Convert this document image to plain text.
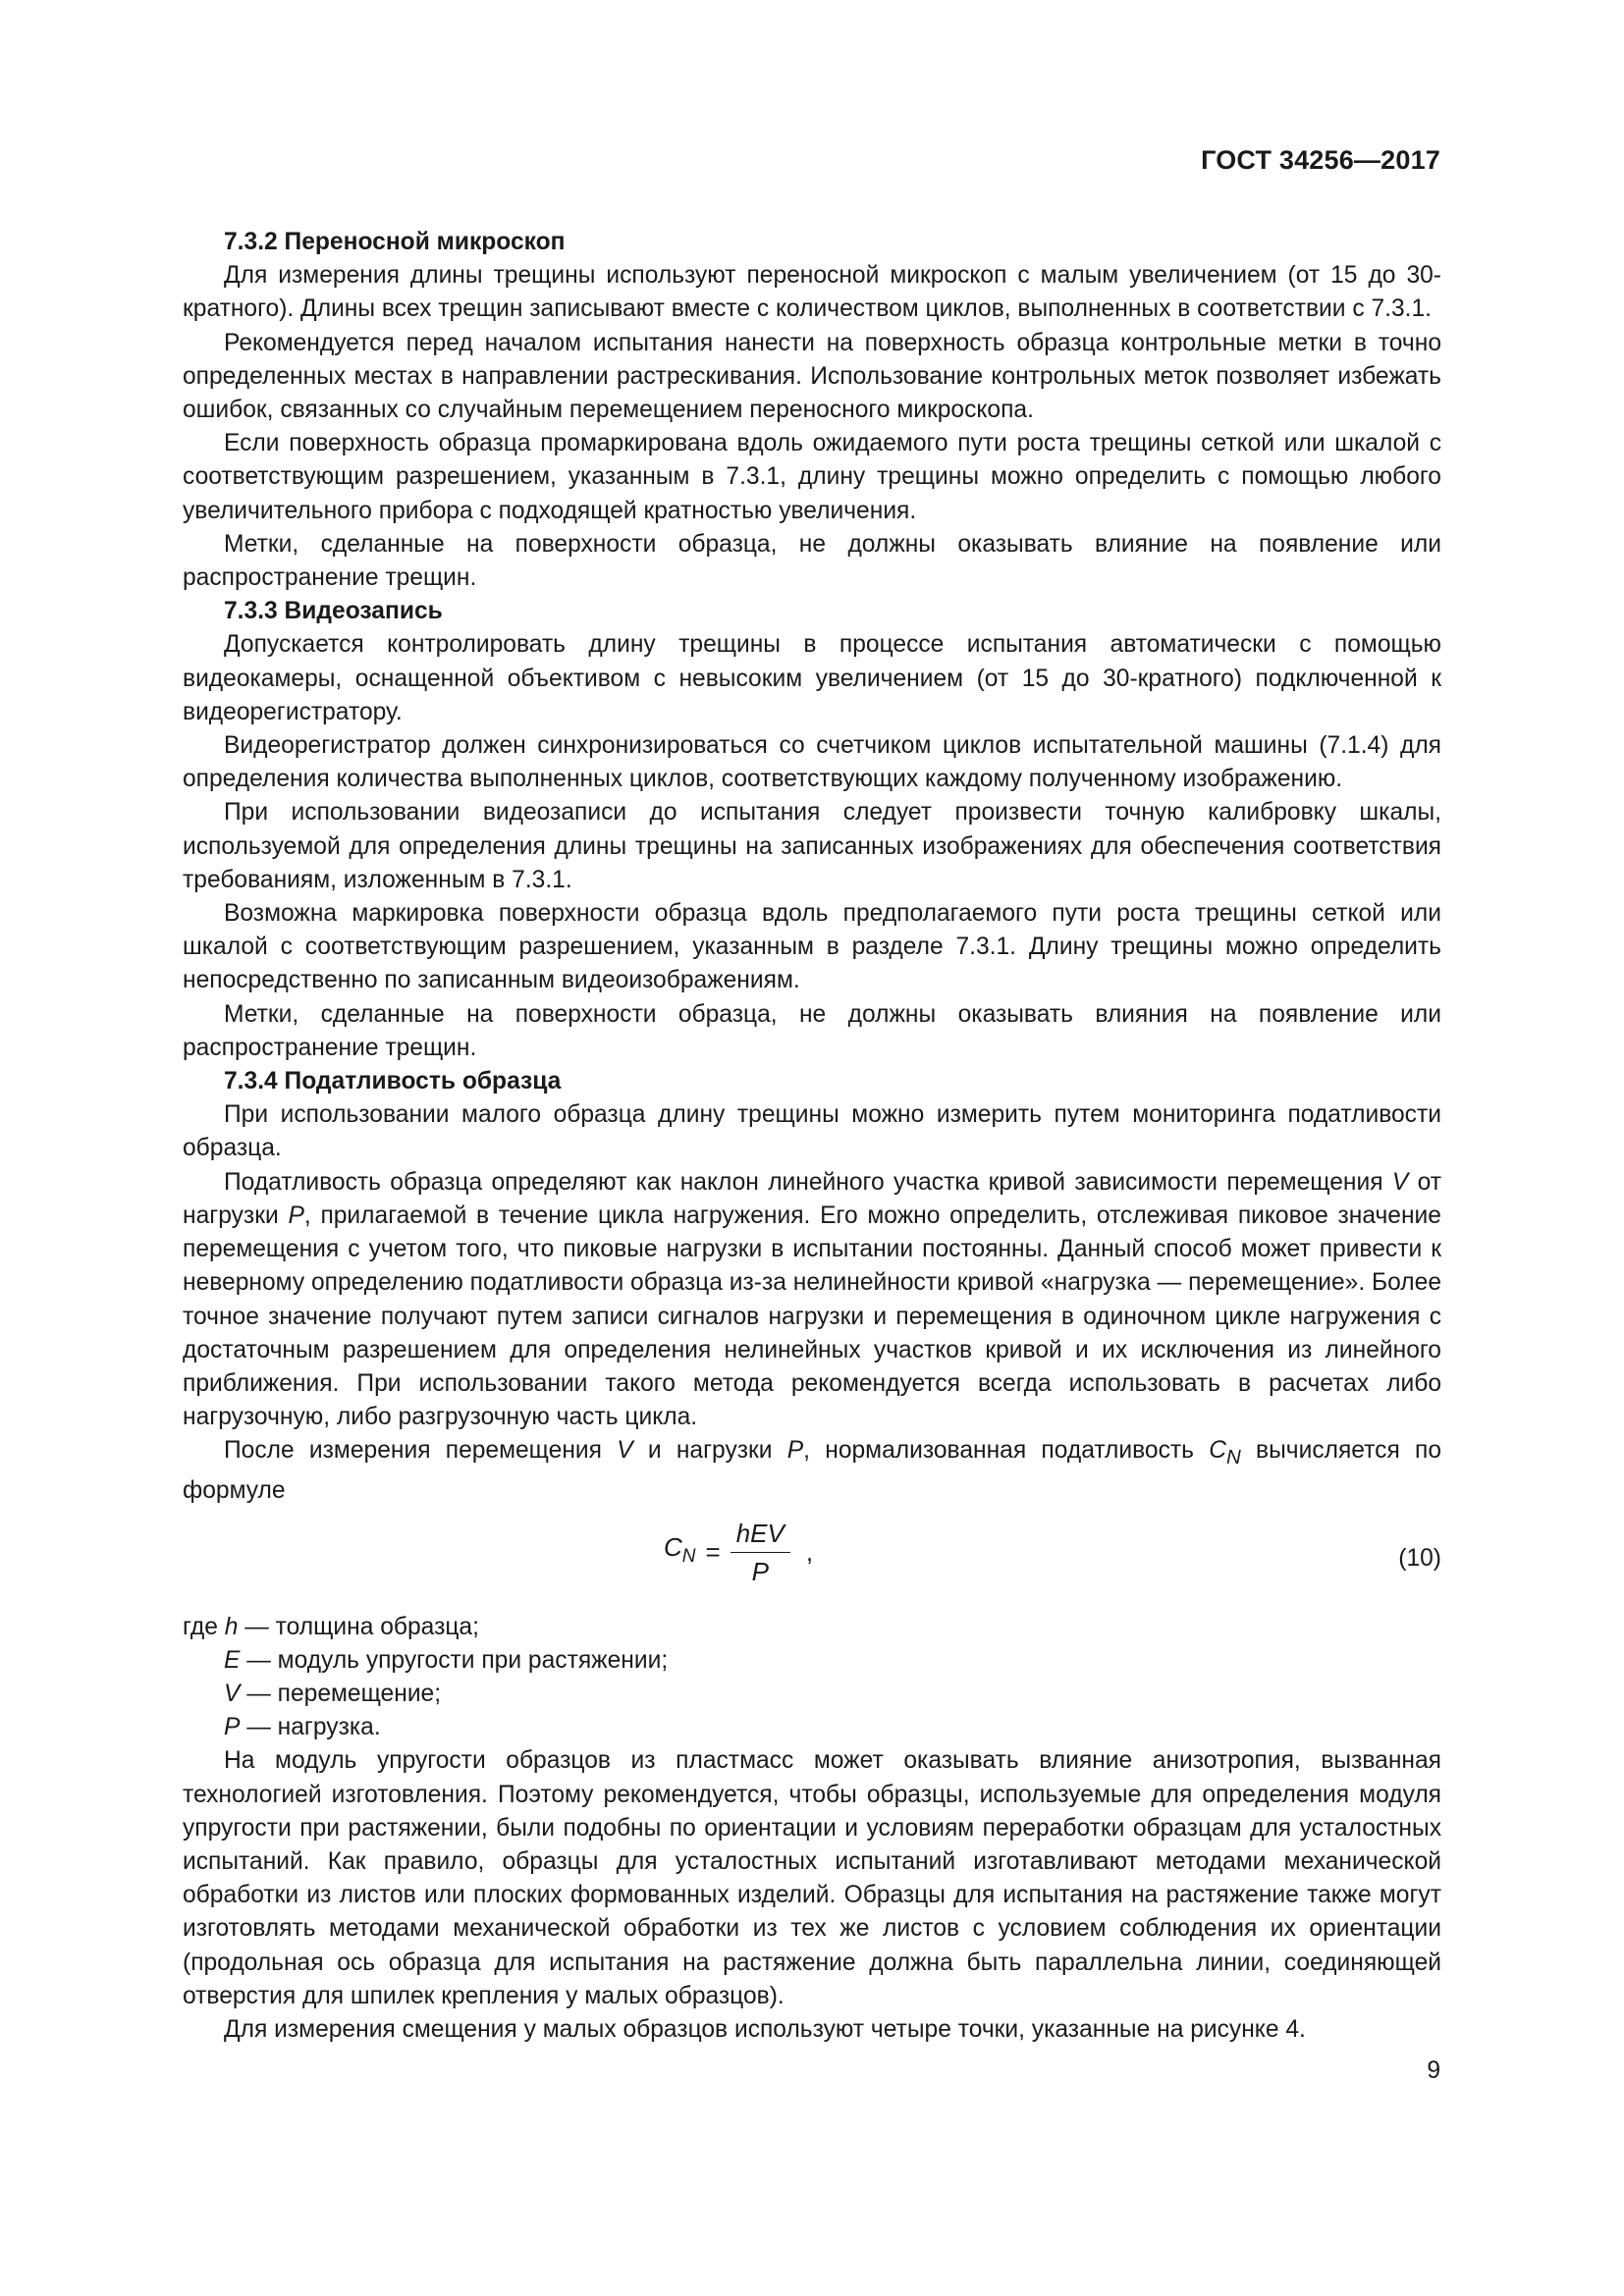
ГОСТ 34256—2017
7.3.2 Переносной микроскоп

Для измерения длины трещины используют переносной микроскоп с малым увеличением (от 15 до 30-кратного). Длины всех трещин записывают вместе с количеством циклов, выполненных в соответствии с 7.3.1.

Рекомендуется перед началом испытания нанести на поверхность образца контрольные метки в точно определенных местах в направлении растрескивания. Использование контрольных меток позволяет избежать ошибок, связанных со случайным перемещением переносного микроскопа.

Если поверхность образца промаркирована вдоль ожидаемого пути роста трещины сеткой или шкалой с соответствующим разрешением, указанным в 7.3.1, длину трещины можно определить с помощью любого увеличительного прибора с подходящей кратностью увеличения.

Метки, сделанные на поверхности образца, не должны оказывать влияние на появление или распространение трещин.

7.3.3 Видеозапись

Допускается контролировать длину трещины в процессе испытания автоматически с помощью видеокамеры, оснащенной объективом с невысоким увеличением (от 15 до 30-кратного) подключенной к видеорегистратору.

Видеорегистратор должен синхронизироваться со счетчиком циклов испытательной машины (7.1.4) для определения количества выполненных циклов, соответствующих каждому полученному изображению.

При использовании видеозаписи до испытания следует произвести точную калибровку шкалы, используемой для определения длины трещины на записанных изображениях для обеспечения соответствия требованиям, изложенным в 7.3.1.

Возможна маркировка поверхности образца вдоль предполагаемого пути роста трещины сеткой или шкалой с соответствующим разрешением, указанным в разделе 7.3.1. Длину трещины можно определить непосредственно по записанным видеоизображениям.

Метки, сделанные на поверхности образца, не должны оказывать влияния на появление или распространение трещин.

7.3.4 Податливость образца

При использовании малого образца длину трещины можно измерить путем мониторинга податливости образца.

Податливость образца определяют как наклон линейного участка кривой зависимости перемещения V от нагрузки P, прилагаемой в течение цикла нагружения. Его можно определить, отслеживая пиковое значение перемещения с учетом того, что пиковые нагрузки в испытании постоянны. Данный способ может привести к неверному определению податливости образца из-за нелинейности кривой «нагрузка — перемещение». Более точное значение получают путем записи сигналов нагрузки и перемещения в одиночном цикле нагружения с достаточным разрешением для определения нелинейных участков кривой и их исключения из линейного приближения. При использовании такого метода рекомендуется всегда использовать в расчетах либо нагрузочную, либо разгрузочную часть цикла.

После измерения перемещения V и нагрузки P, нормализованная податливость $C_N$ вычисляется по формуле

$C_N = \frac{\text{hEV}}{P}$ ,	(10)

где h — толщина образца;

E — модуль упругости при растяжении;

V — перемещение;

P — нагрузка.

На модуль упругости образцов из пластмасс может оказывать влияние анизотропия, вызванная технологией изготовления. Поэтому рекомендуется, чтобы образцы, используемые для определения модуля упругости при растяжении, были подобны по ориентации и условиям переработки образцам для усталостных испытаний. Как правило, образцы для усталостных испытаний изготавливают методами механической обработки из листов или плоских формованных изделий. Образцы для испытания на растяжение также могут изготовлять методами механической обработки из тех же листов с условием соблюдения их ориентации (продольная ось образца для испытания на растяжение должна быть параллельна линии, соединяющей отверстия для шпилек крепления у малых образцов).

Для измерения смещения у малых образцов используют четыре точки, указанные на рисунке 4.

9
